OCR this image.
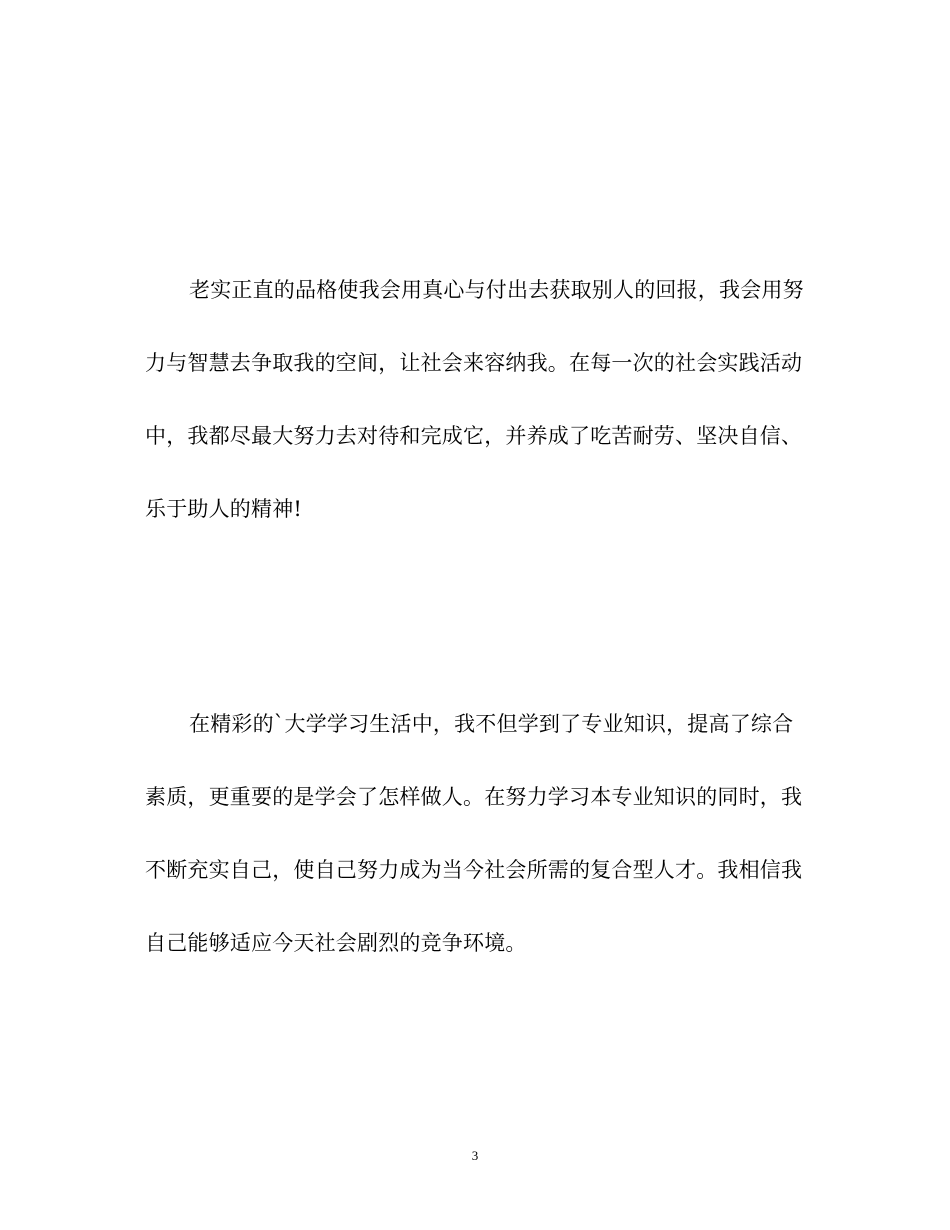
老实正直的品格使我会用真心与付出去获取别人的回报，我会用努力与智慧去争取我的空间，让社会来容纳我。在每一次的社会实践活动中，我都尽最大努力去对待和完成它，并养成了吃苦耐劳、坚决自信、乐于助人的精神!

在精彩的`大学学习生活中，我不但学到了专业知识，提高了综合素质，更重要的是学会了怎样做人。在努力学习本专业知识的同时，我不断充实自己，使自己努力成为当今社会所需的复合型人才。我相信我自己能够适应今天社会剧烈的竞争环境。

3
